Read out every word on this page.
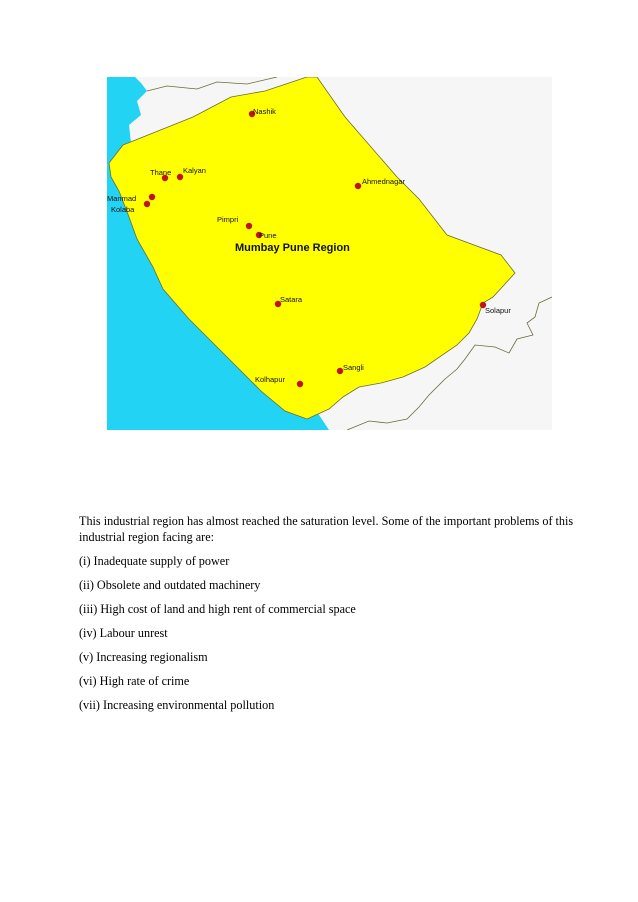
Nashik
Thane Kalyan
Manmad
Kolaba
Ahmednagar
Pimpri
Pune
Satara
Solapur
Sangli
Kolhapur
Mumbay Pune Region

This industrial region has almost reached the saturation level. Some of the important problems of this industrial region facing are:

(i) Inadequate supply of power
(ii) Obsolete and outdated machinery
(iii) High cost of land and high rent of commercial space
(iv) Labour unrest
(v) Increasing regionalism
(vi) High rate of crime
(vii) Increasing environmental pollution
